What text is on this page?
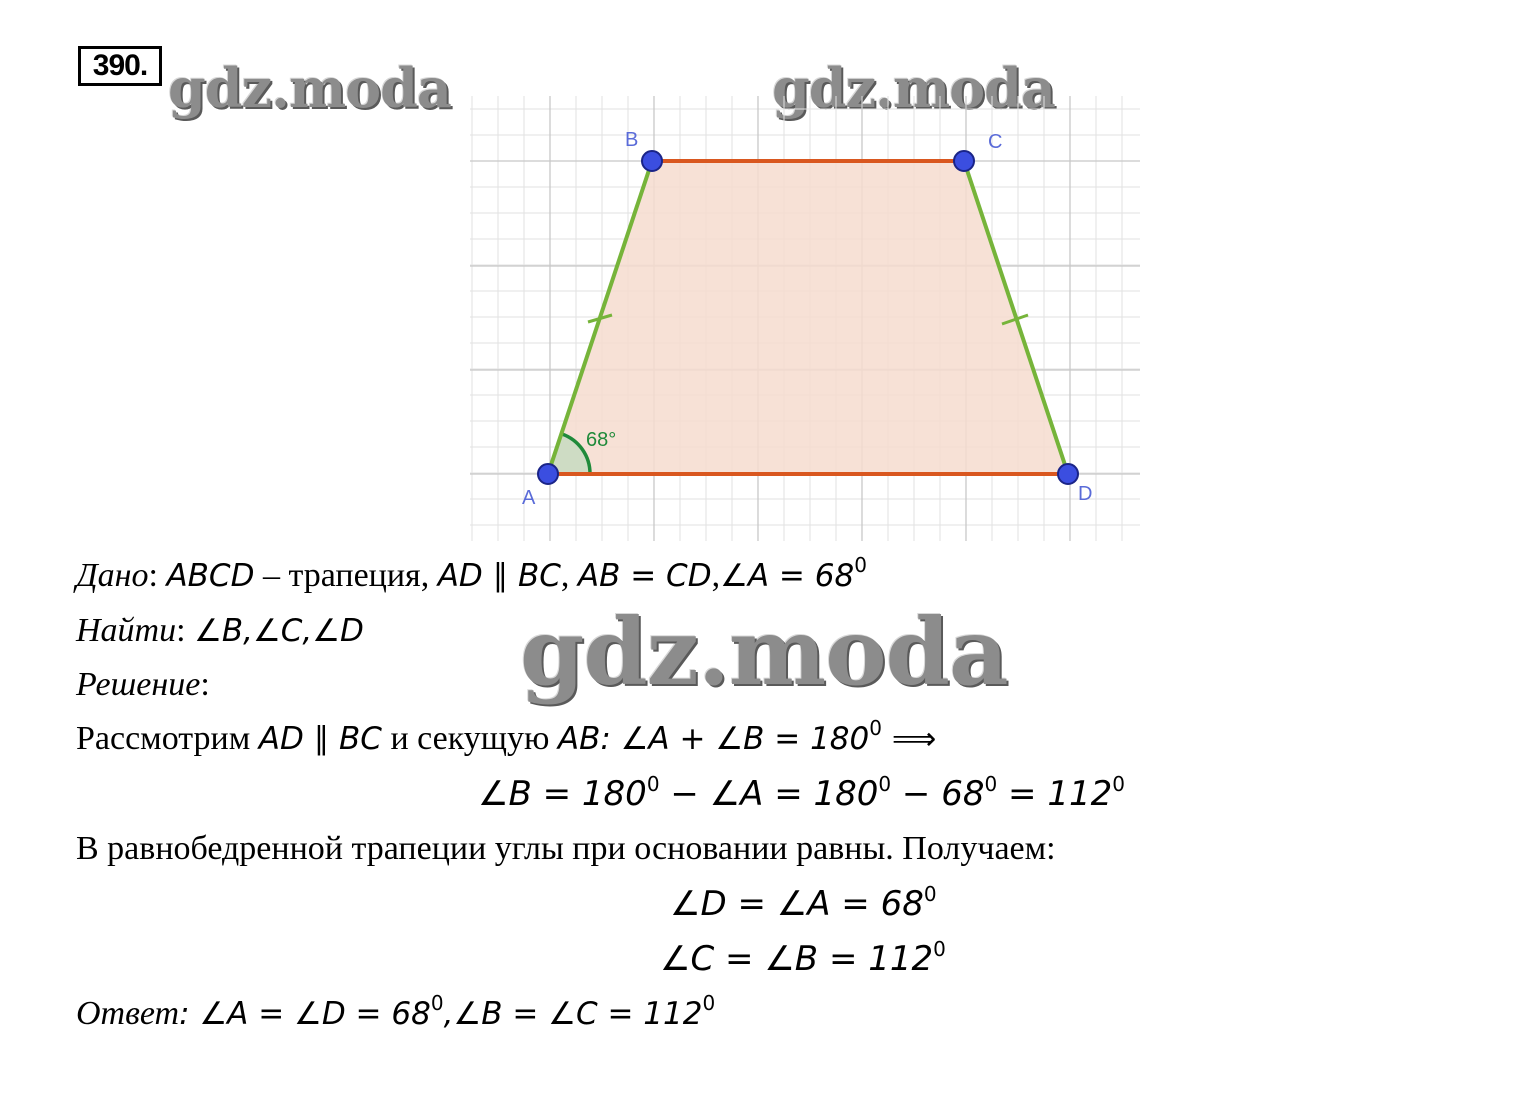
390. gdz.moda	gdz.moda
A
B	C
D
68°
Дано: ABCD – трапеция, AD ∥ BC, AB = CD,∠A = $68^0$
Найти: ∠B,∠C,∠D gdz.moda
Решение:
Рассмотрим AD ∥ BC и секущую AB: ∠A + ∠B = $180^0$ ⟹
∠B = $180^0$ − ∠A = $180^0 - 68^0 = 112^0$
В равнобедренной трапеции углы при основании равны. Получаем:
∠D = ∠A = $68^0$
∠C = ∠B = $112^0$
Ответ: ∠A = ∠D = $68^0,\angle B$ = ∠C = $112^0$
